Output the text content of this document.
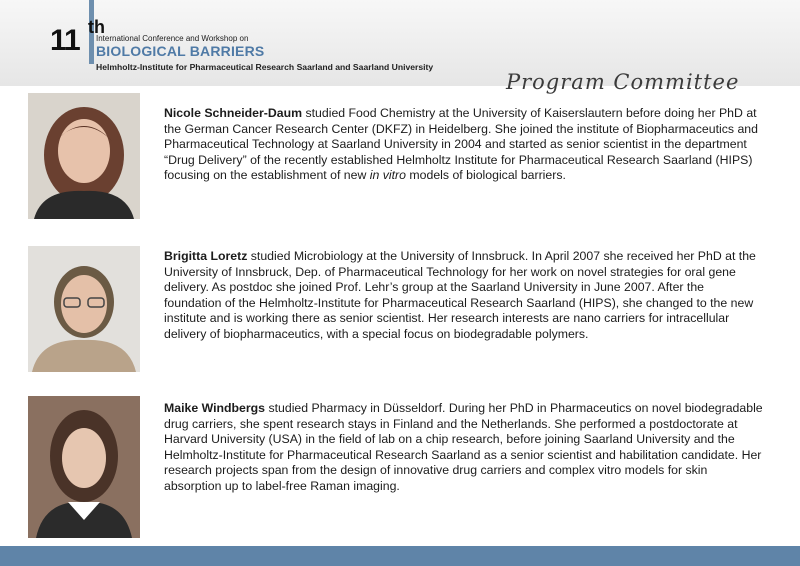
11 th
International Conference and Workshop on
BIOLOGICAL BARRIERS
Helmholtz-Institute for Pharmaceutical Research Saarland and Saarland University
Program Committee
Nicole Schneider-Daum studied Food Chemistry at the University of Kaiserslautern before doing her PhD at the German Cancer Research Center (DKFZ) in Heidelberg. She joined the institute of Biopharmaceutics and Pharmaceutical Technology at Saarland University in 2004 and started as senior scientist in the department “Drug Delivery” of the recently established Helmholtz Institute for Pharmaceutical Research Saarland (HIPS) focusing on the establishment of new in vitro models of biological barriers.
Brigitta Loretz studied Microbiology at the University of Innsbruck. In April 2007 she received her PhD at the University of Innsbruck, Dep. of Pharmaceutical Technology for her work on novel strategies for oral gene delivery. As postdoc she joined Prof. Lehr’s group at the Saarland University in June 2007. After the foundation of the Helmholtz-Institute for Pharmaceutical Research Saarland (HIPS), she changed to the new institute and is working there as senior scientist. Her research interests are nano carriers for intracellular delivery of biopharmaceutics, with a special focus on biodegradable polymers.
Maike Windbergs studied Pharmacy in Düsseldorf. During her PhD in Pharmaceutics on novel biodegradable drug carriers, she spent research stays in Finland and the Netherlands. She performed a postdoctorate at Harvard University (USA) in the field of lab on a chip research, before joining Saarland University and the Helmholtz-Institute for Pharmaceutical Research Saarland as a senior scientist and habilitation candidate. Her research projects span from the design of innovative drug carriers and complex vitro models for skin absorption up to label-free Raman imaging.
